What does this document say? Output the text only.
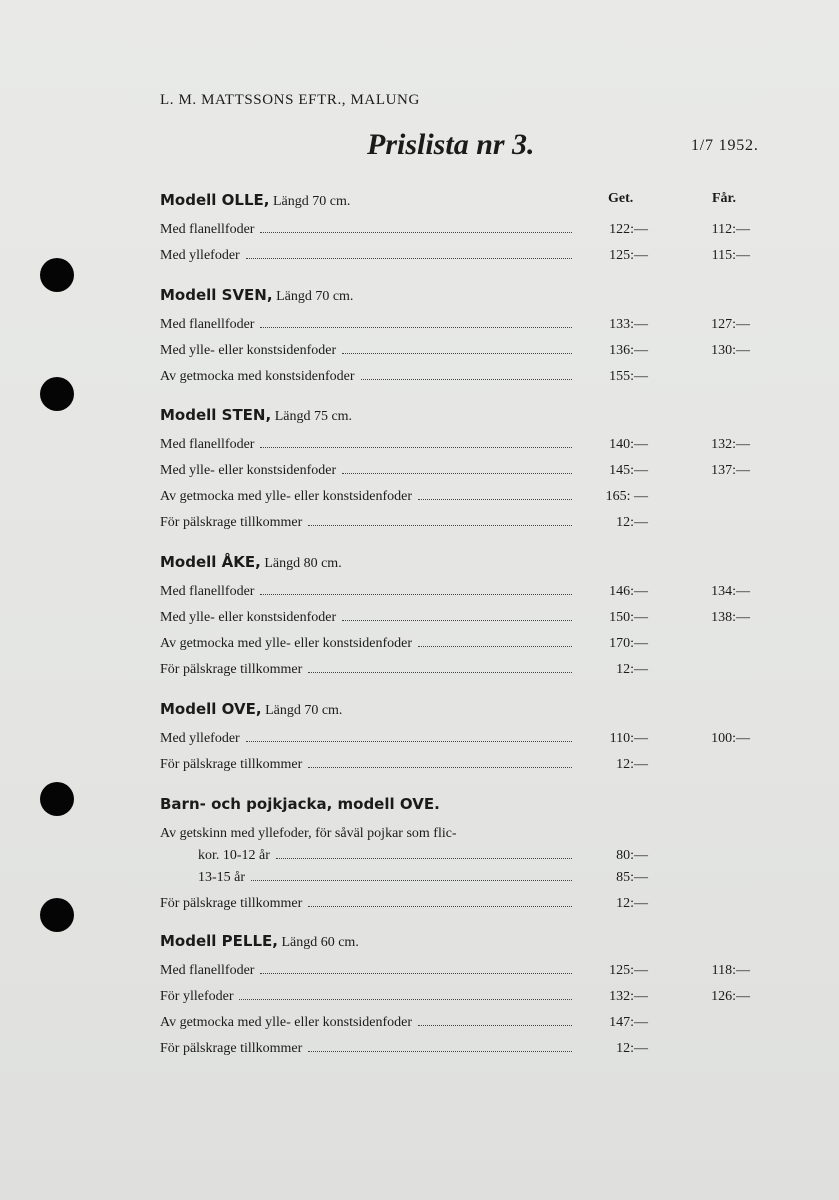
L. M. MATTSSONS EFTR., MALUNG
Prislista nr 3.	1/7 1952.
Get.	Får.
Modell OLLE, Längd 70 cm.
Med flanellfoder	122:—	112:—
Med yllefoder	125:—	115:—
Modell SVEN, Längd 70 cm.
Med flanellfoder	133:—	127:—
Med ylle- eller konstsidenfoder	136:—	130:—
Av getmocka med konstsidenfoder	155:—
Modell STEN, Längd 75 cm.
Med flanellfoder	140:—	132:—
Med ylle- eller konstsidenfoder	145:—	137:—
Av getmocka med ylle- eller konstsidenfoder	165: —
För pälskrage tillkommer	12:—
Modell ÅKE, Längd 80 cm.
Med flanellfoder	146:—	134:—
Med ylle- eller konstsidenfoder	150:—	138:—
Av getmocka med ylle- eller konstsidenfoder	170:—
För pälskrage tillkommer	12:—
Modell OVE, Längd 70 cm.
Med yllefoder	110:—	100:—
För pälskrage tillkommer	12:—
Barn- och pojkjacka, modell OVE.
Av getskinn med yllefoder, för såväl pojkar som flic-
kor. 10-12 år	80:—
13-15 år	85:—
För pälskrage tillkommer	12:—
Modell PELLE, Längd 60 cm.
Med flanellfoder	125:—	118:—
För yllefoder	132:—	126:—
Av getmocka med ylle- eller konstsidenfoder	147:—
För pälskrage tillkommer	12:—
